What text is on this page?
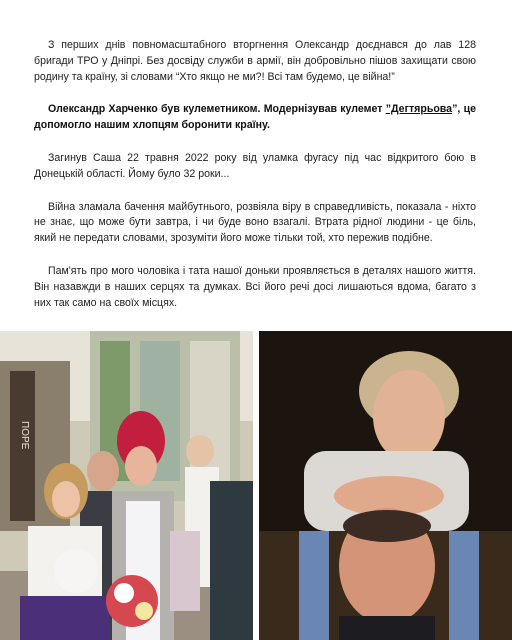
З перших днів повномасштабного вторгнення Олександр доєднався до лав 128 бригади ТРО у Дніпрі. Без досвіду служби в армії, він добровільно пішов захищати свою родину та країну, зі словами “Хто якщо не ми?! Всі там будемо, це війна!”

Олександр Харченко був кулеметником. Модернізував кулемет ”Дегтярьова”, це допомогло нашим хлопцям боронити країну.

Загинув Саша 22 травня 2022 року від уламка фугасу під час відкритого бою в Донецькій області. Йому було 32 роки...

Війна зламала бачення майбутнього, розвіяла віру в справедливість, показала - ніхто не знає, що може бути завтра, і чи буде воно взагалі. Втрата рідної людини - це біль, який не передати словами, зрозуміти його може тільки той, хто пережив подібне.

Пам'ять про мого чоловіка і тата нашої доньки проявляється в деталях нашого життя. Він назавжди в наших серцях та думках. Всі його речі досі лишаються вдома, багато з них так само на своїх місцях.

ПОРЕ
